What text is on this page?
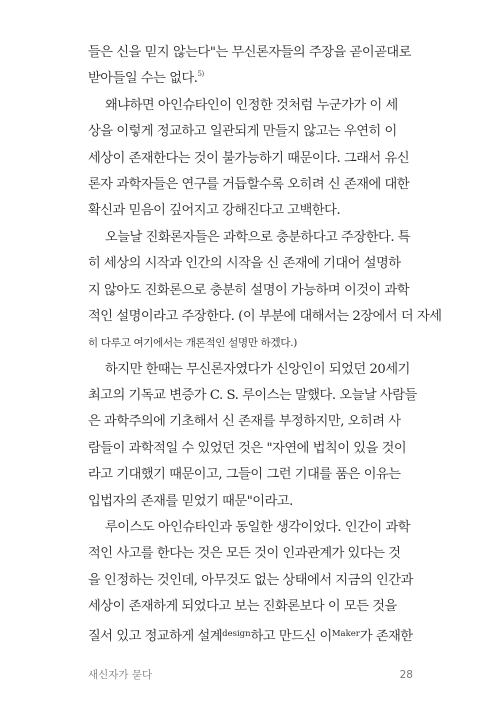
들은 신을 믿지 않는다"는 무신론자들의 주장을 곧이곧대로
받아들일 수는 없다.$^{5)}$
왜냐하면 아인슈타인이 인정한 것처럼 누군가가 이 세
상을 이렇게 정교하고 일관되게 만들지 않고는 우연히 이
세상이 존재한다는 것이 불가능하기 때문이다. 그래서 유신
론자 과학자들은 연구를 거듭할수록 오히려 신 존재에 대한
확신과 믿음이 깊어지고 강해진다고 고백한다.
오늘날 진화론자들은 과학으로 충분하다고 주장한다. 특
히 세상의 시작과 인간의 시작을 신 존재에 기대어 설명하
지 않아도 진화론으로 충분히 설명이 가능하며 이것이 과학
적인 설명이라고 주장한다. (이 부분에 대해서는 2장에서 더 자세
히 다루고 여기에서는 개론적인 설명만 하겠다.)
하지만 한때는 무신론자였다가 신앙인이 되었던 20세기
최고의 기독교 변증가 C. S. 루이스는 말했다. 오늘날 사람들
은 과학주의에 기초해서 신 존재를 부정하지만, 오히려 사
람들이 과학적일 수 있었던 것은 "자연에 법칙이 있을 것이
라고 기대했기 때문이고, 그들이 그런 기대를 품은 이유는
입법자의 존재를 믿었기 때문"이라고.
루이스도 아인슈타인과 동일한 생각이었다. 인간이 과학
적인 사고를 한다는 것은 모든 것이 인과관계가 있다는 것
을 인정하는 것인데, 아무것도 없는 상태에서 지금의 인간과
세상이 존재하게 되었다고 보는 진화론보다 이 모든 것을
질서 있고 정교하게 설계$^{design}$하고 만드신 이$^{Maker}$가 존재한
새신자가 묻다	28
